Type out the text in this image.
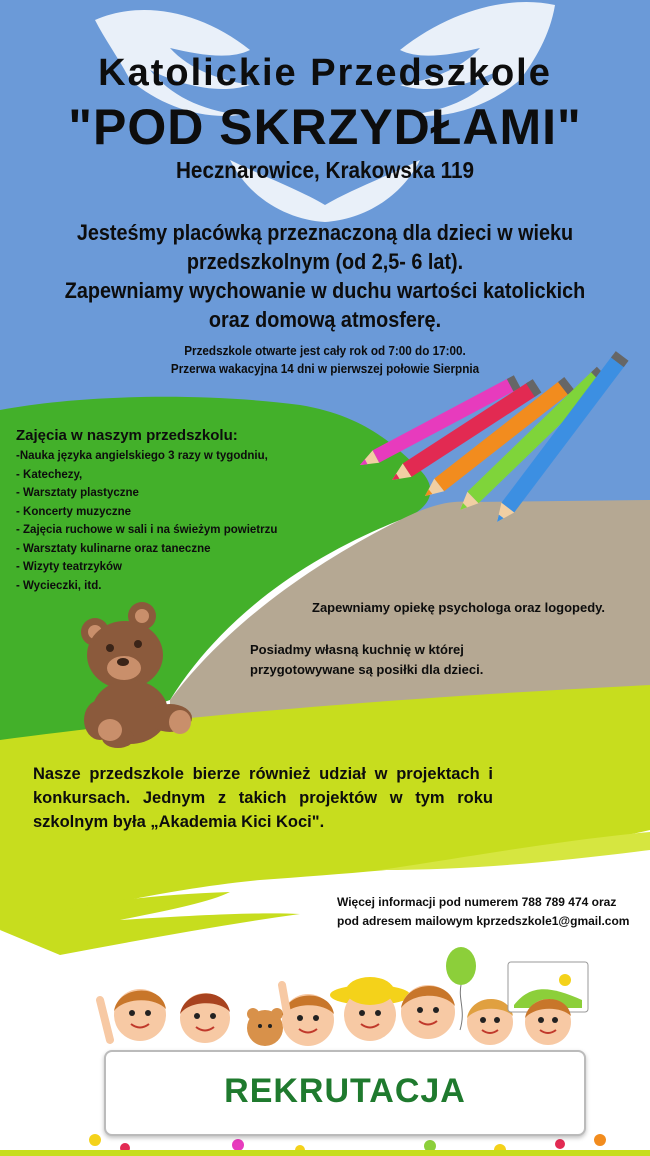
Katolickie Przedszkole
"POD SKRZYDŁAMI"
Hecznarowice, Krakowska 119
Jesteśmy placówką przeznaczoną dla dzieci w wieku
przedszkolnym (od 2,5- 6 lat).
Zapewniamy wychowanie w duchu wartości katolickich
oraz domową atmosferę.
Przedszkole otwarte jest cały rok od 7:00 do 17:00.
Przerwa wakacyjna 14 dni w pierwszej połowie Sierpnia
Zajęcia w naszym przedszkolu:
-Nauka języka angielskiego 3 razy w tygodniu,
- Katechezy,
- Warsztaty plastyczne
- Koncerty muzyczne
- Zajęcia ruchowe w sali i na świeżym powietrzu
- Warsztaty kulinarne oraz taneczne
- Wizyty teatrzyków
- Wycieczki, itd.
Zapewniamy opiekę psychologa oraz logopedy.
Posiadmy własną kuchnię w której
przygotowywane są posiłki dla dzieci.
Nasze przedszkole bierze również udział w projektach i konkursach. Jednym z takich projektów w tym roku szkolnym była „Akademia Kici Koci".
Więcej informacji pod numerem 788 789 474 oraz
pod adresem mailowym kprzedszkole1@gmail.com
REKRUTACJA
